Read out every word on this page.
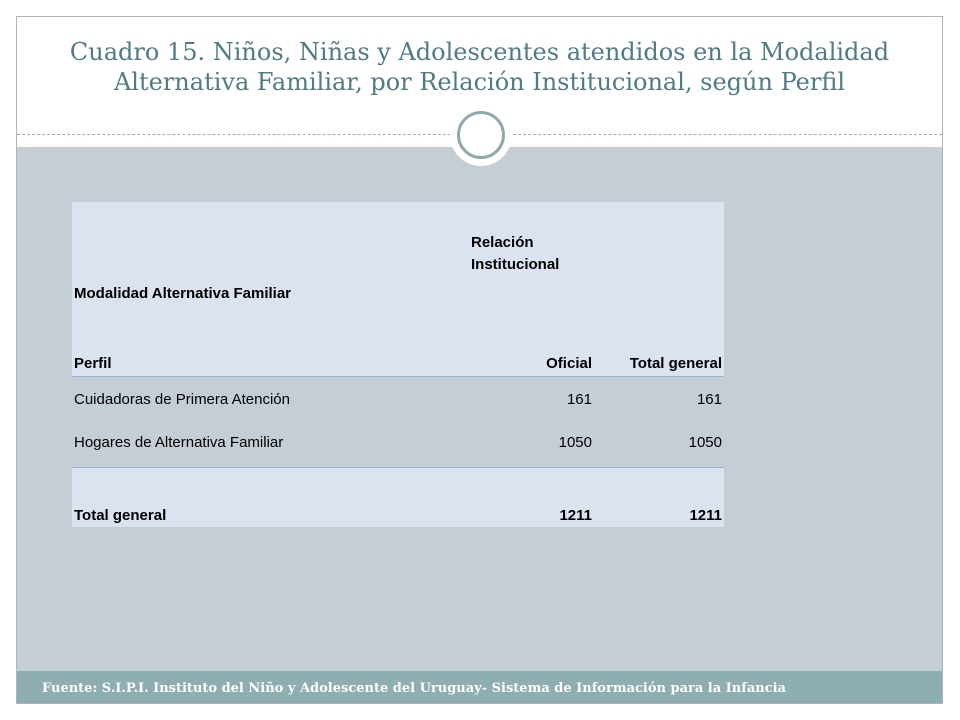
Cuadro 15. Niños, Niñas y Adolescentes atendidos en la Modalidad
Alternativa Familiar, por Relación Institucional, según Perfil
Modalidad Alternativa Familiar	Relación Institucional	
Perfil	Oficial	Total general
Cuidadoras de Primera Atención	161	161
Hogares de Alternativa Familiar	1050	1050
Total general	1211	1211
Fuente: S.I.P.I. Instituto del Niño y Adolescente del Uruguay- Sistema de Información para la Infancia
